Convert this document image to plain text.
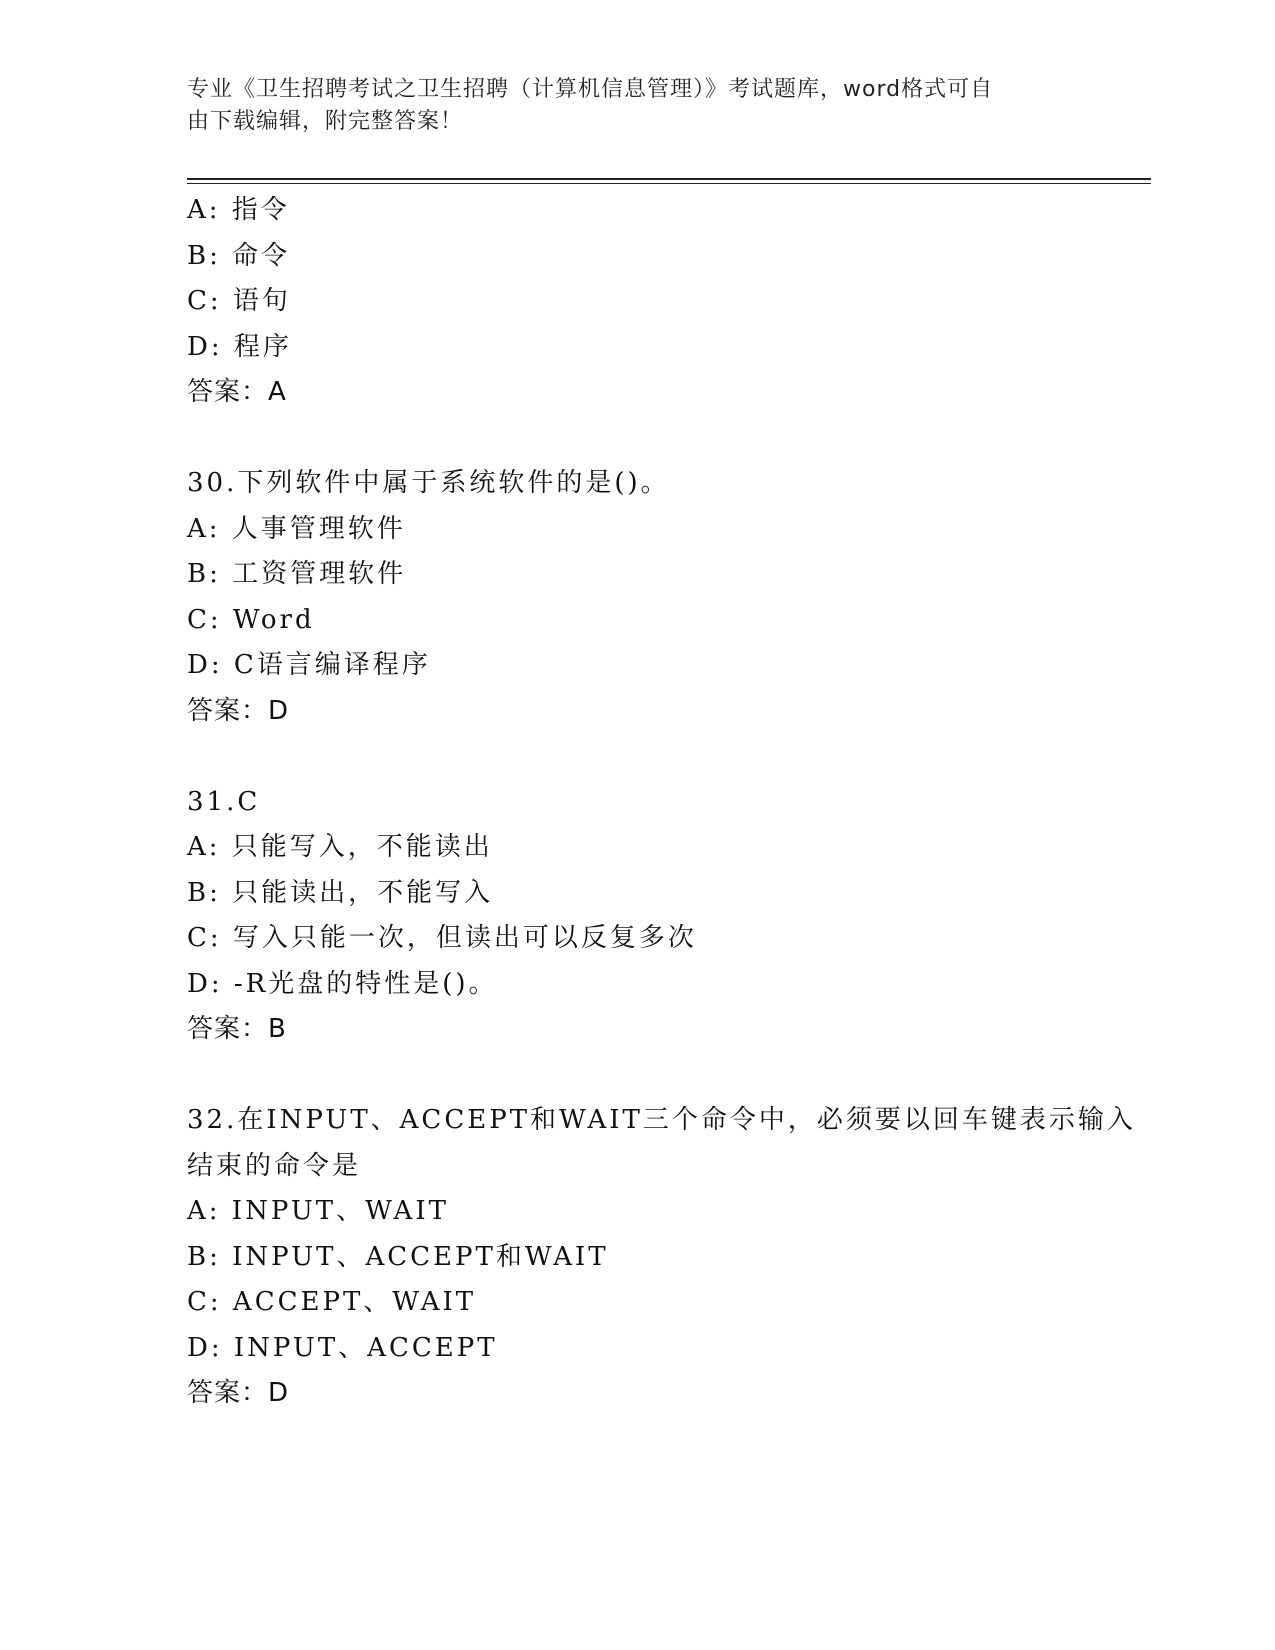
专业《卫生招聘考试之卫生招聘（计算机信息管理）》考试题库，word格式可自
由下载编辑，附完整答案！
A: 指令
B: 命令
C: 语句
D: 程序
答案：A
30.下列软件中属于系统软件的是()。
A: 人事管理软件
B: 工资管理软件
C: Word
D: C语言编译程序
答案：D
31.C
A: 只能写入，不能读出
B: 只能读出，不能写入
C: 写入只能一次，但读出可以反复多次
D: -R光盘的特性是()。
答案：B
32.在INPUT、ACCEPT和WAIT三个命令中，必须要以回车键表示输入
结束的命令是
A: INPUT、WAIT
B: INPUT、ACCEPT和WAIT
C: ACCEPT、WAIT
D: INPUT、ACCEPT
答案：D
